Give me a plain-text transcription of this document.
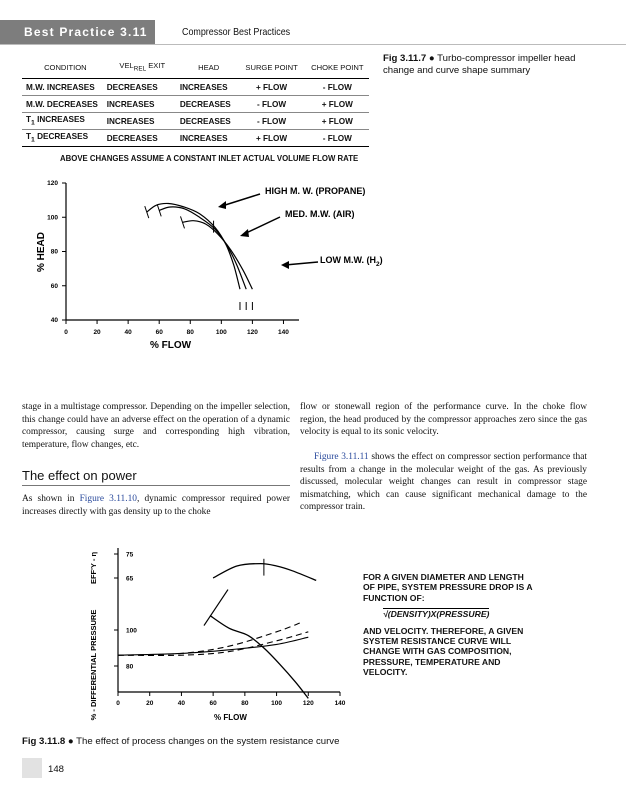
Best Practice 3.11	Compressor Best Practices
Fig 3.11.7 ● Turbo-compressor impeller head change and curve shape summary
CONDITION	$VEL_{REL}$ EXIT	HEAD	SURGE POINT	CHOKE POINT
M.W. INCREASES	DECREASES	INCREASES	+ FLOW	- FLOW
M.W. DECREASES	INCREASES	DECREASES	- FLOW	+ FLOW
$T_1$ INCREASES	INCREASES	DECREASES	- FLOW	+ FLOW
$T_1$ DECREASES	DECREASES	INCREASES	+ FLOW	- FLOW
ABOVE CHANGES ASSUME A CONSTANT INLET ACTUAL VOLUME FLOW RATE
0	20	40	60	80	100	120	140
40
60
80
100
120
HIGH M. W. (PROPANE)
MED. M.W. (AIR)
LOW M.W. $(H_2)$
% FLOW
% HEAD
stage in a multistage compressor. Depending on the impeller selection, this change could have an adverse effect on the operation of a dynamic compressor, causing surge and corresponding high vibration, temperature, flow changes, etc.
The effect on power
As shown in Figure 3.11.10, dynamic compressor required power increases directly with gas density up to the choke
flow or stonewall region of the performance curve. In the choke flow region, the head produced by the compressor approaches zero since the gas velocity is equal to its sonic velocity.
Figure 3.11.11 shows the effect on compressor section performance that results from a change in the molecular weight of the gas. As previously discussed, molecular weight changes can result in compressor stage mismatching, which can cause significant mechanical damage to the compressor train.
0	20	40	60	80	100	120	140
75
65
100
80
% FLOW
% - DIFFERENTIAL PRESSURE
EFF'Y - η	FOR A GIVEN DIAMETER AND LENGTH OF PIPE, SYSTEM PRESSURE DROP IS A FUNCTION OF:
√(DENSITY)X(PRESSURE)
AND VELOCITY. THEREFORE, A GIVEN SYSTEM RESISTANCE CURVE WILL CHANGE WITH GAS COMPOSITION, PRESSURE, TEMPERATURE AND VELOCITY.
Fig 3.11.8 ● The effect of process changes on the system resistance curve
148
